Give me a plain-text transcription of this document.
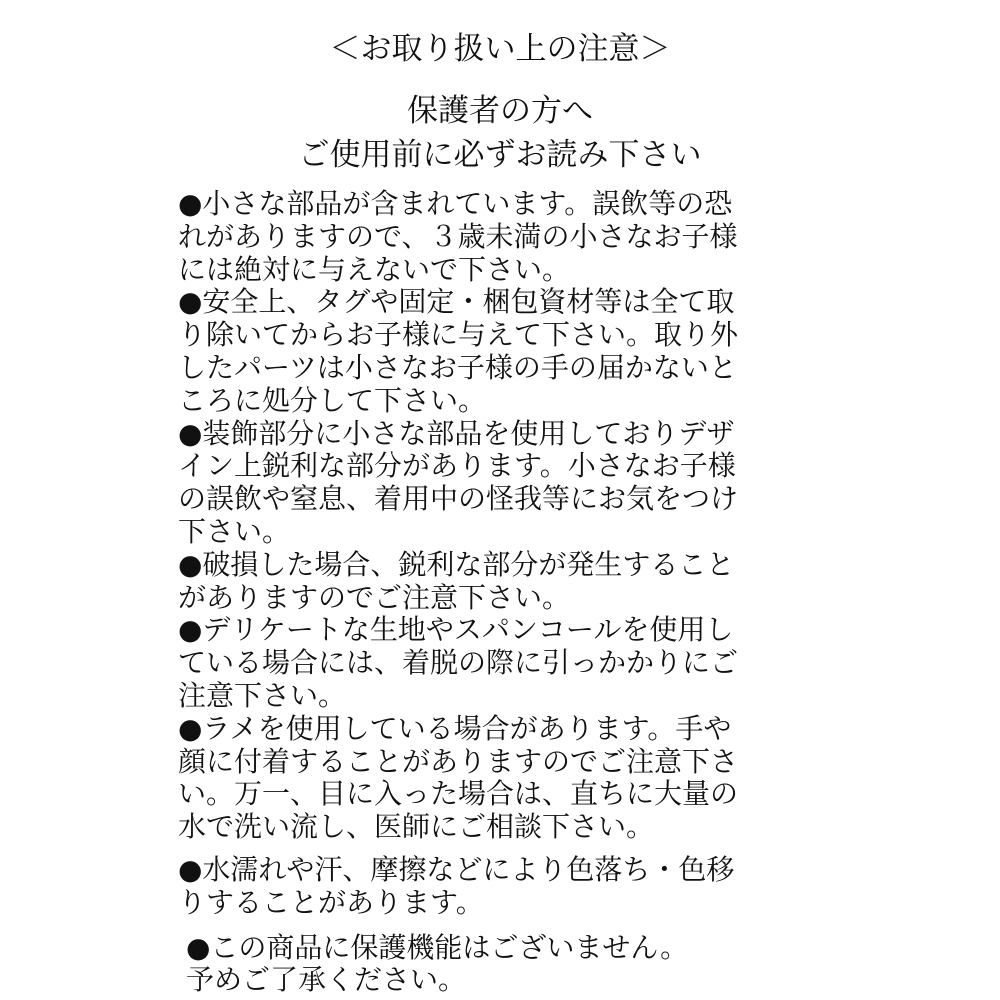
＜お取り扱い上の注意＞
保護者の方へ
ご使用前に必ずお読み下さい
●小さな部品が含まれています。誤飲等の恐
れがありますので、３歳未満の小さなお子様
には絶対に与えないで下さい。
●安全上、タグや固定・梱包資材等は全て取
り除いてからお子様に与えて下さい。取り外
したパーツは小さなお子様の手の届かないと
ころに処分して下さい。
●装飾部分に小さな部品を使用しておりデザ
イン上鋭利な部分があります。小さなお子様
の誤飲や窒息、着用中の怪我等にお気をつけ
下さい。
●破損した場合、鋭利な部分が発生すること
がありますのでご注意下さい。
●デリケートな生地やスパンコールを使用し
ている場合には、着脱の際に引っかかりにご
注意下さい。
●ラメを使用している場合があります。手や
顔に付着することがありますのでご注意下さ
い。万一、目に入った場合は、直ちに大量の
水で洗い流し、医師にご相談下さい。
●水濡れや汗、摩擦などにより色落ち・色移
りすることがあります。
●この商品に保護機能はございません。
予めご了承ください。
